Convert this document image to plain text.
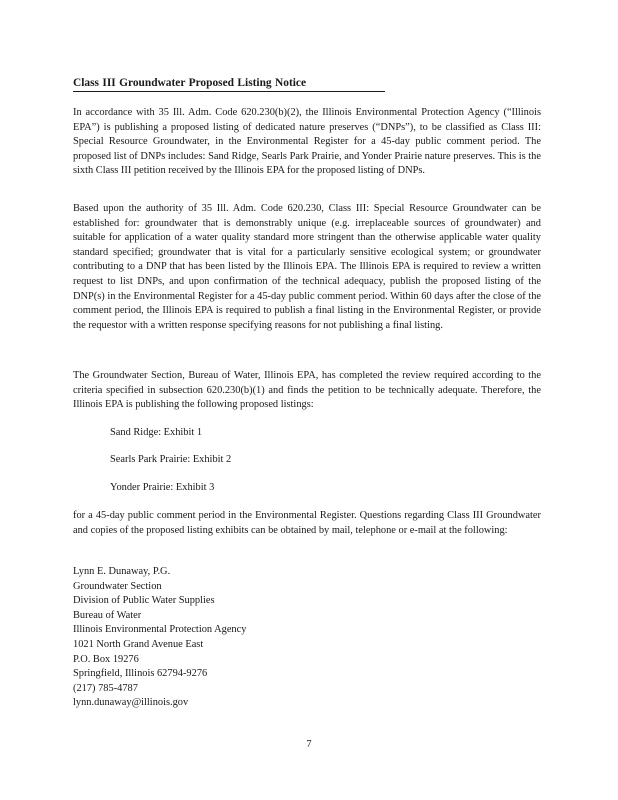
Class III Groundwater Proposed Listing Notice

In accordance with 35 Ill. Adm. Code 620.230(b)(2), the Illinois Environmental Protection Agency (“Illinois EPA”) is publishing a proposed listing of dedicated nature preserves (“DNPs”), to be classified as Class III: Special Resource Groundwater, in the Environmental Register for a 45-day public comment period. The proposed list of DNPs includes: Sand Ridge, Searls Park Prairie, and Yonder Prairie nature preserves. This is the sixth Class III petition received by the Illinois EPA for the proposed listing of DNPs.

Based upon the authority of 35 Ill. Adm. Code 620.230, Class III: Special Resource Groundwater can be established for: groundwater that is demonstrably unique (e.g. irreplaceable sources of groundwater) and suitable for application of a water quality standard more stringent than the otherwise applicable water quality standard specified; groundwater that is vital for a particularly sensitive ecological system; or groundwater contributing to a DNP that has been listed by the Illinois EPA. The Illinois EPA is required to review a written request to list DNPs, and upon confirmation of the technical adequacy, publish the proposed listing of the DNP(s) in the Environmental Register for a 45-day public comment period. Within 60 days after the close of the comment period, the Illinois EPA is required to publish a final listing in the Environmental Register, or provide the requestor with a written response specifying reasons for not publishing a final listing.

The Groundwater Section, Bureau of Water, Illinois EPA, has completed the review required according to the criteria specified in subsection 620.230(b)(1) and finds the petition to be technically adequate. Therefore, the Illinois EPA is publishing the following proposed listings:

Sand Ridge: Exhibit 1
Searls Park Prairie: Exhibit 2
Yonder Prairie: Exhibit 3

for a 45-day public comment period in the Environmental Register. Questions regarding Class III Groundwater and copies of the proposed listing exhibits can be obtained by mail, telephone or e-mail at the following:

Lynn E. Dunaway, P.G.
Groundwater Section
Division of Public Water Supplies
Bureau of Water
Illinois Environmental Protection Agency
1021 North Grand Avenue East
P.O. Box 19276
Springfield, Illinois 62794-9276
(217) 785-4787
lynn.dunaway@illinois.gov
7
